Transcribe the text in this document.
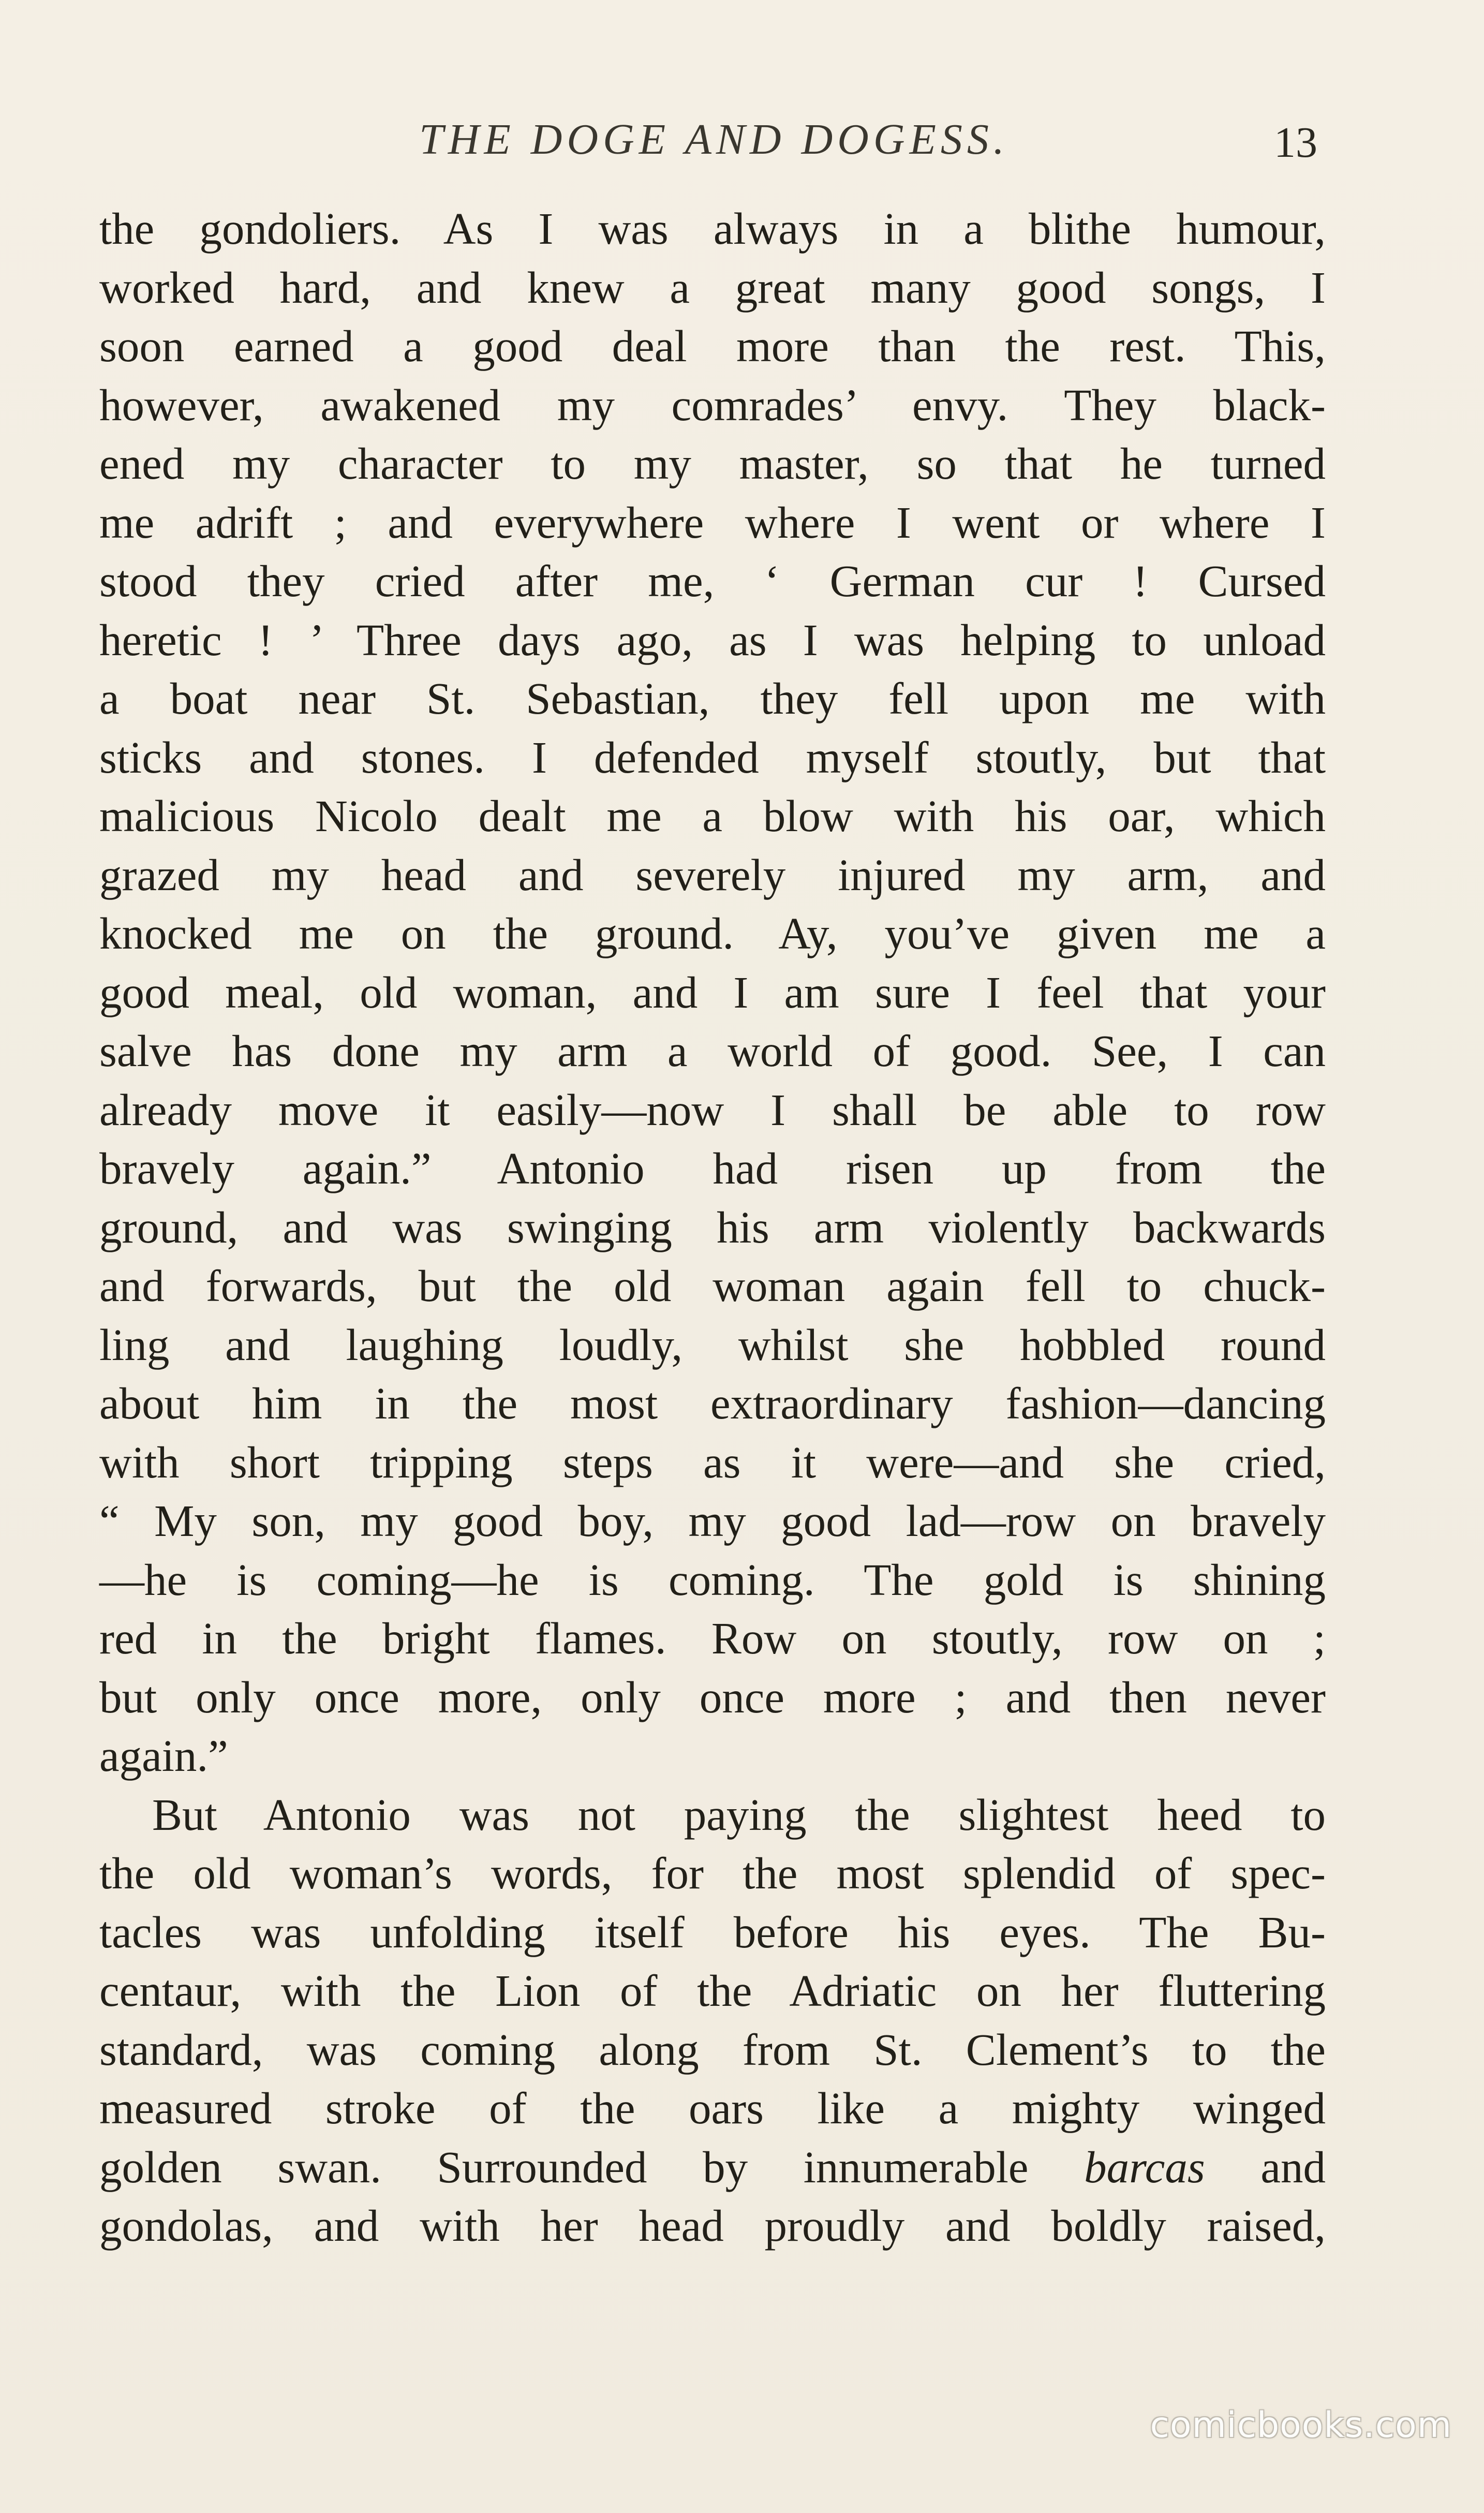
THE DOGE AND DOGESS.	13
the gondoliers. As I was always in a blithe humour,
worked hard, and knew a great many good songs, I
soon earned a good deal more than the rest. This,
however, awakened my comrades’ envy. They black-
ened my character to my master, so that he turned
me adrift ; and everywhere where I went or where I
stood they cried after me, ‘ German cur ! Cursed
heretic ! ’ Three days ago, as I was helping to unload
a boat near St. Sebastian, they fell upon me with
sticks and stones. I defended myself stoutly, but that
malicious Nicolo dealt me a blow with his oar, which
grazed my head and severely injured my arm, and
knocked me on the ground. Ay, you’ve given me a
good meal, old woman, and I am sure I feel that your
salve has done my arm a world of good. See, I can
already move it easily—now I shall be able to row
bravely again.” Antonio had risen up from the
ground, and was swinging his arm violently backwards
and forwards, but the old woman again fell to chuck-
ling and laughing loudly, whilst she hobbled round
about him in the most extraordinary fashion—dancing
with short tripping steps as it were—and she cried,
“ My son, my good boy, my good lad—row on bravely
—he is coming—he is coming. The gold is shining
red in the bright flames. Row on stoutly, row on ;
but only once more, only once more ; and then never
again.”
But Antonio was not paying the slightest heed to
the old woman’s words, for the most splendid of spec-
tacles was unfolding itself before his eyes. The Bu-
centaur, with the Lion of the Adriatic on her fluttering
standard, was coming along from St. Clement’s to the
measured stroke of the oars like a mighty winged
golden swan. Surrounded by innumerable barcas and
gondolas, and with her head proudly and boldly raised,
comicbooks.com
